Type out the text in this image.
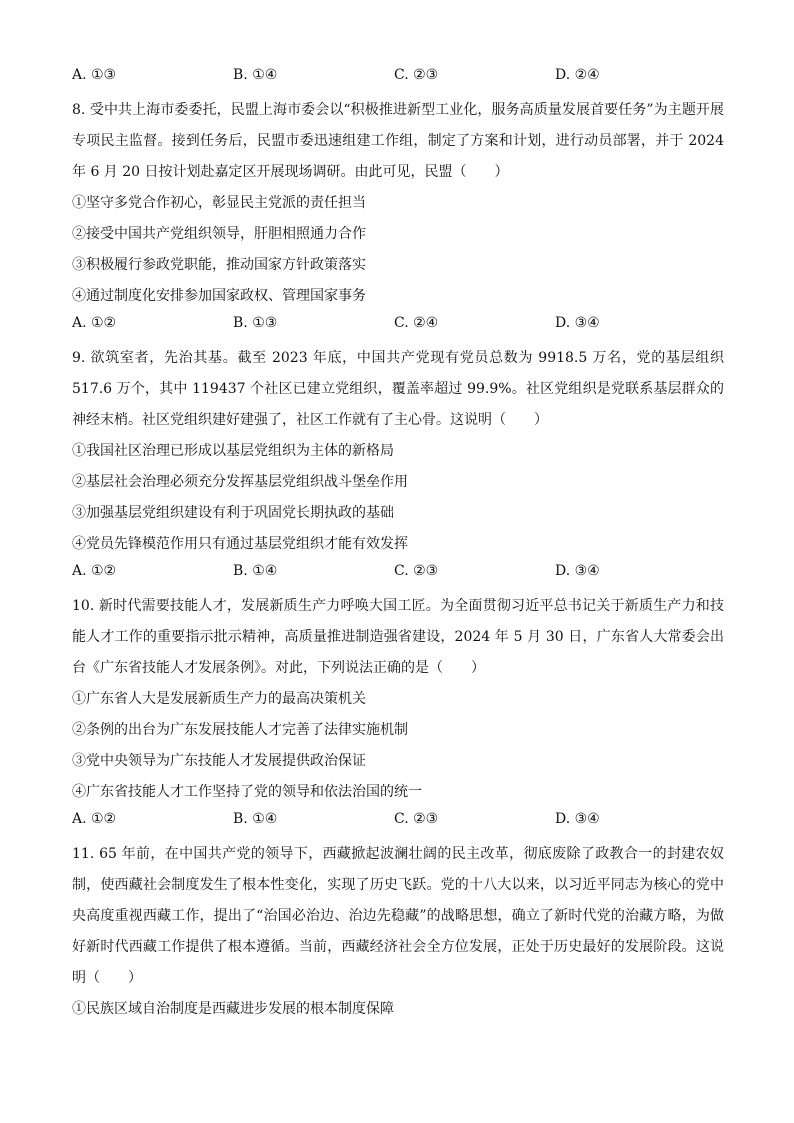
A. ①③	B. ①④	C. ②③	D. ②④

8. 受中共上海市委委托，民盟上海市委会以“积极推进新型工业化，服务高质量发展首要任务”为主题开展专项民主监督。接到任务后，民盟市委迅速组建工作组，制定了方案和计划，进行动员部署，并于 2024 年 6 月 20 日按计划赴嘉定区开展现场调研。由此可见，民盟（　　）

①坚守多党合作初心，彰显民主党派的责任担当

②接受中国共产党组织领导，肝胆相照通力合作

③积极履行参政党职能，推动国家方针政策落实

④通过制度化安排参加国家政权、管理国家事务

A. ①②	B. ①③	C. ②④	D. ③④

9. 欲筑室者，先治其基。截至 2023 年底，中国共产党现有党员总数为 9918.5 万名，党的基层组织 517.6 万个，其中 119437 个社区已建立党组织，覆盖率超过 99.9%。社区党组织是党联系基层群众的神经末梢。社区党组织建好建强了，社区工作就有了主心骨。这说明（　　）

①我国社区治理已形成以基层党组织为主体的新格局

②基层社会治理必须充分发挥基层党组织战斗堡垒作用

③加强基层党组织建设有利于巩固党长期执政的基础

④党员先锋模范作用只有通过基层党组织才能有效发挥

A. ①②	B. ①④	C. ②③	D. ③④

10. 新时代需要技能人才，发展新质生产力呼唤大国工匠。为全面贯彻习近平总书记关于新质生产力和技能人才工作的重要指示批示精神，高质量推进制造强省建设，2024 年 5 月 30 日，广东省人大常委会出台《广东省技能人才发展条例》。对此，下列说法正确的是（　　）

①广东省人大是发展新质生产力的最高决策机关

②条例的出台为广东发展技能人才完善了法律实施机制

③党中央领导为广东技能人才发展提供政治保证

④广东省技能人才工作坚持了党的领导和依法治国的统一

A. ①②	B. ①④	C. ②③	D. ③④

11. 65 年前，在中国共产党的领导下，西藏掀起波澜壮阔的民主改革，彻底废除了政教合一的封建农奴制，使西藏社会制度发生了根本性变化，实现了历史飞跃。党的十八大以来，以习近平同志为核心的党中央高度重视西藏工作，提出了“治国必治边、治边先稳藏”的战略思想，确立了新时代党的治藏方略，为做好新时代西藏工作提供了根本遵循。当前，西藏经济社会全方位发展，正处于历史最好的发展阶段。这说明（　　）

①民族区域自治制度是西藏进步发展的根本制度保障
